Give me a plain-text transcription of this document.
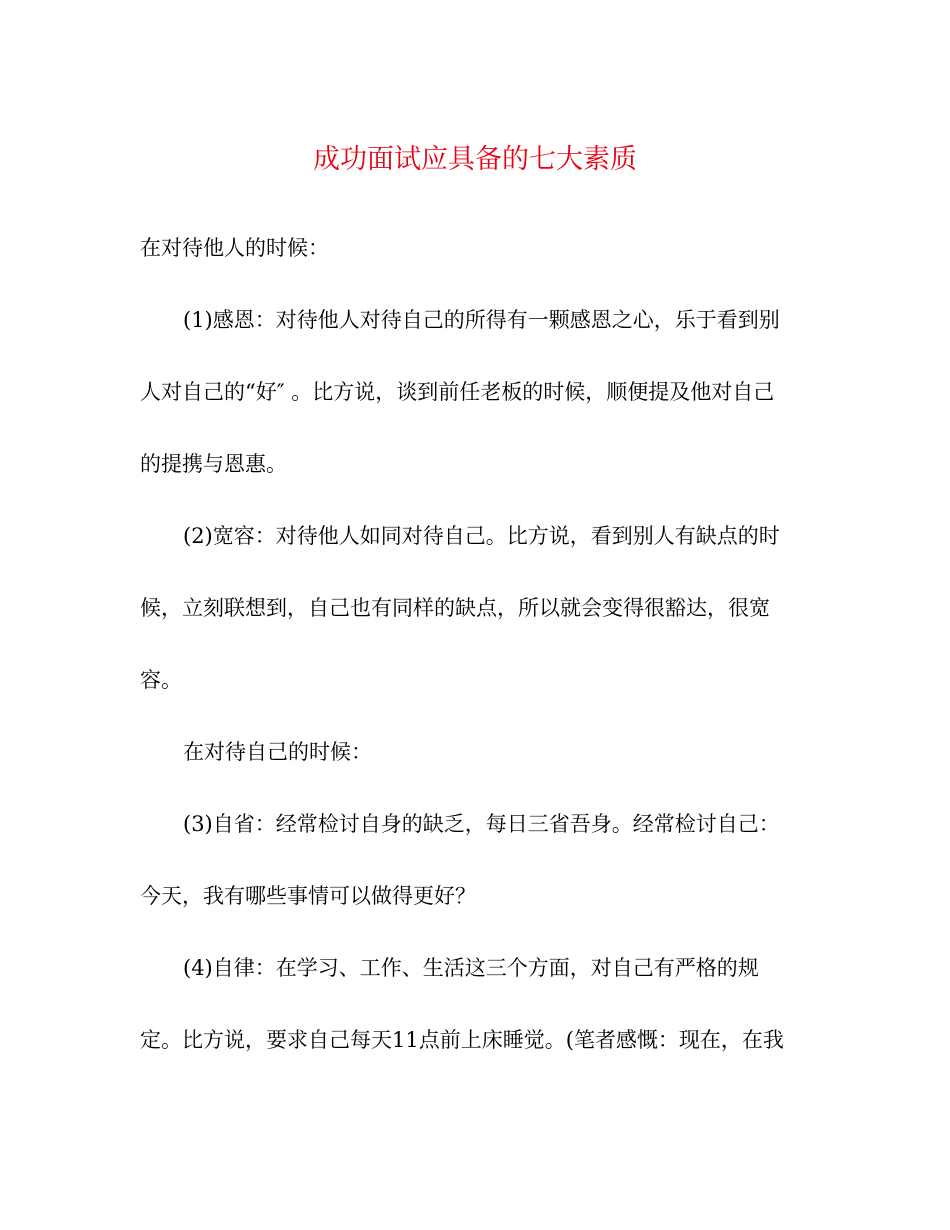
成功面试应具备的七大素质

在对待他人的时候：

(1)感恩：对待他人对待自己的所得有一颗感恩之心，乐于看到别

人对自己的“好″ 。比方说，谈到前任老板的时候，顺便提及他对自己

的提携与恩惠。

(2)宽容：对待他人如同对待自己。比方说，看到别人有缺点的时

候，立刻联想到，自己也有同样的缺点，所以就会变得很豁达，很宽

容。

在对待自己的时候：

(3)自省：经常检讨自身的缺乏，每日三省吾身。经常检讨自己：

今天，我有哪些事情可以做得更好？

(4)自律：在学习、工作、生活这三个方面，对自己有严格的规

定。比方说，要求自己每天11点前上床睡觉。(笔者感慨：现在，在我
